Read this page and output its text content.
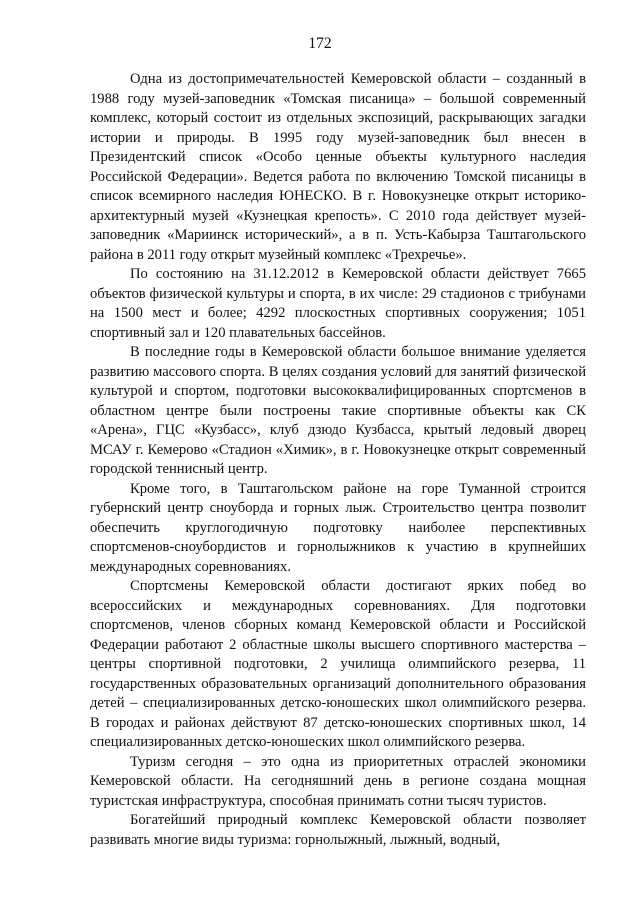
172

Одна из достопримечательностей Кемеровской области – созданный в 1988 году музей-заповедник «Томская писаница» – большой современный комплекс, который состоит из отдельных экспозиций, раскрывающих загадки истории и природы. В 1995 году музей-заповедник был внесен в Президентский список «Особо ценные объекты культурного наследия Российской Федерации». Ведется работа по включению Томской писаницы в список всемирного наследия ЮНЕСКО. В г. Новокузнецке открыт историко-архитектурный музей «Кузнецкая крепость». С 2010 года действует музей-заповедник «Мариинск исторический», а в п. Усть-Кабырза Таштагольского района в 2011 году открыт музейный комплекс «Трехречье».

По состоянию на 31.12.2012 в Кемеровской области действует 7665 объектов физической культуры и спорта, в их числе: 29 стадионов с трибунами на 1500 мест и более; 4292 плоскостных спортивных сооружения; 1051 спортивный зал и 120 плавательных бассейнов.

В последние годы в Кемеровской области большое внимание уделяется развитию массового спорта. В целях создания условий для занятий физической культурой и спортом, подготовки высококвалифицированных спортсменов в областном центре были построены такие спортивные объекты как СК «Арена», ГЦС «Кузбасс», клуб дзюдо Кузбасса, крытый ледовый дворец МСАУ г. Кемерово «Стадион «Химик», в г. Новокузнецке открыт современный городской теннисный центр.

Кроме того, в Таштагольском районе на горе Туманной строится губернский центр сноуборда и горных лыж. Строительство центра позволит обеспечить круглогодичную подготовку наиболее перспективных спортсменов-сноубордистов и горнолыжников к участию в крупнейших международных соревнованиях.

Спортсмены Кемеровской области достигают ярких побед во всероссийских и международных соревнованиях. Для подготовки спортсменов, членов сборных команд Кемеровской области и Российской Федерации работают 2 областные школы высшего спортивного мастерства – центры спортивной подготовки, 2 училища олимпийского резерва, 11 государственных образовательных организаций дополнительного образования детей – специализированных детско-юношеских школ олимпийского резерва. В городах и районах действуют 87 детско-юношеских спортивных школ, 14 специализированных детско-юношеских школ олимпийского резерва.

Туризм сегодня – это одна из приоритетных отраслей экономики Кемеровской области. На сегодняшний день в регионе создана мощная туристская инфраструктура, способная принимать сотни тысяч туристов.

Богатейший природный комплекс Кемеровской области позволяет развивать многие виды туризма: горнолыжный, лыжный, водный,
